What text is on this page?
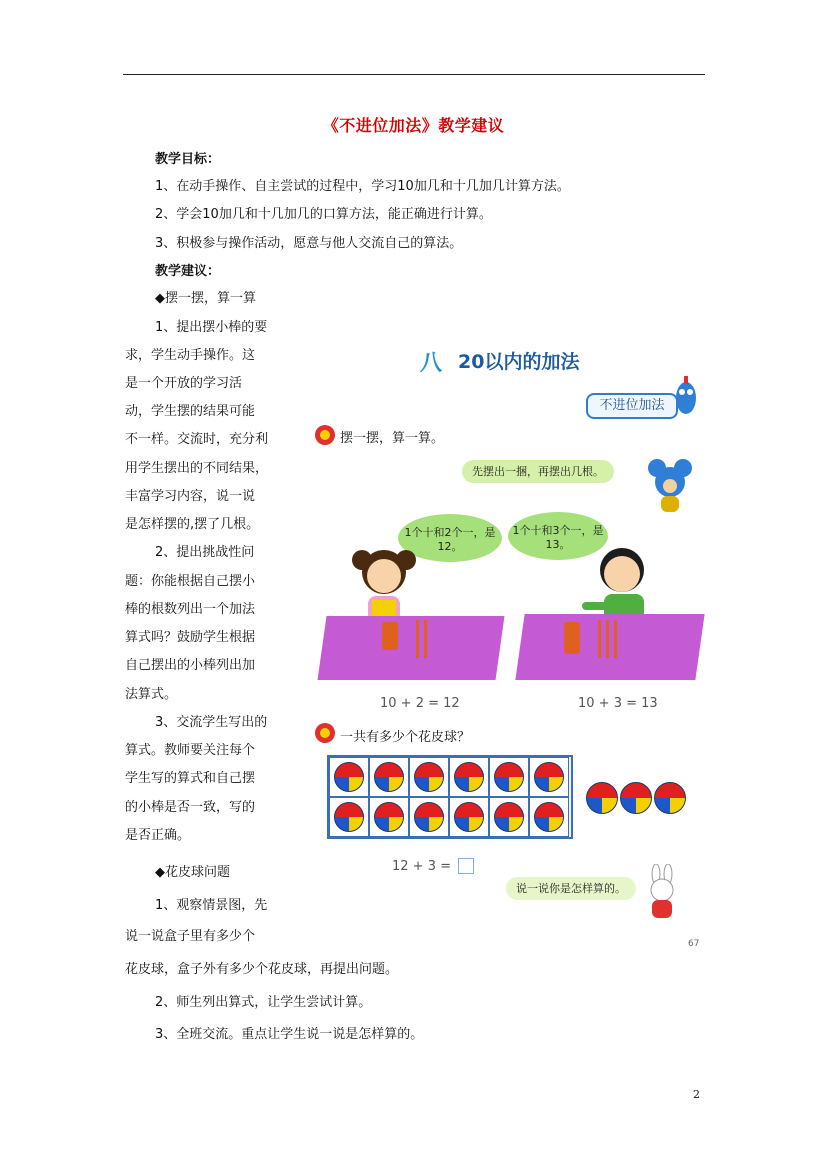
《不进位加法》教学建议
教学目标：
1、在动手操作、自主尝试的过程中，学习10加几和十几加几计算方法。
2、学会10加几和十几加几的口算方法，能正确进行计算。
3、积极参与操作活动，愿意与他人交流自己的算法。
教学建议：
◆摆一摆，算一算
1、提出摆小棒的要
求，学生动手操作。这
是一个开放的学习活
动，学生摆的结果可能
不一样。交流时，充分利
用学生摆出的不同结果，
丰富学习内容，说一说
是怎样摆的,摆了几根。
2、提出挑战性问
题：你能根据自己摆小
棒的根数列出一个加法
算式吗？鼓励学生根据
自己摆出的小棒列出加
法算式。
3、交流学生写出的
算式。教师要关注每个
学生写的算式和自己摆
的小棒是否一致，写的
是否正确。
◆花皮球问题
1、观察情景图，先
说一说盒子里有多少个
花皮球，盒子外有多少个花皮球，再提出问题。
2、师生列出算式，让学生尝试计算。
3、全班交流。重点让学生说一说是怎样算的。
八 20以内的加法
不进位加法
摆一摆，算一算。
先摆出一捆，再摆出几根。
1个十和2个一，是12。
1个十和3个一，是13。
10 + 2 = 12	10 + 3 = 13
一共有多少个花皮球？
12 + 3 =
说一说你是怎样算的。
67
2
